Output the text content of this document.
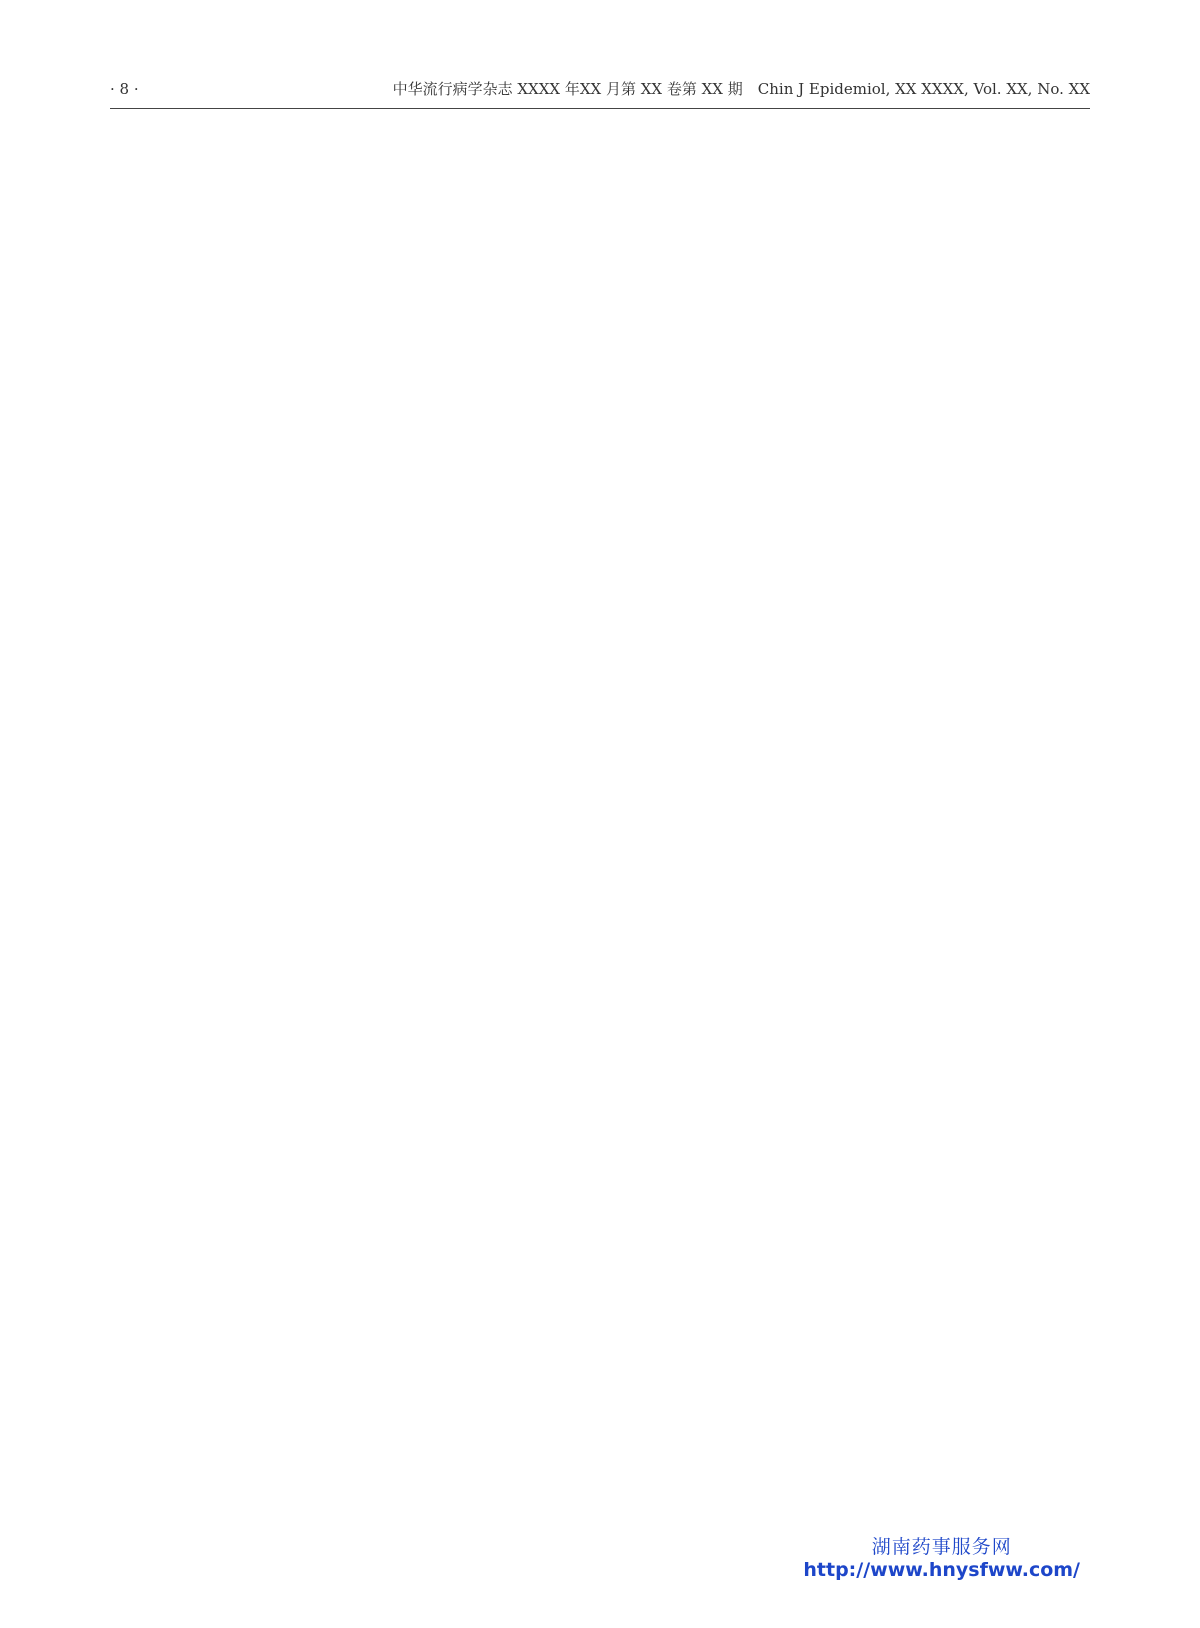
· 8 ·	中华流行病学杂志 XXXX 年XX 月第 XX 卷第 XX 期　Chin J Epidemiol, XX XXXX, Vol. XX, No. XX
湖南药事服务网
http://www.hnysfww.com/
